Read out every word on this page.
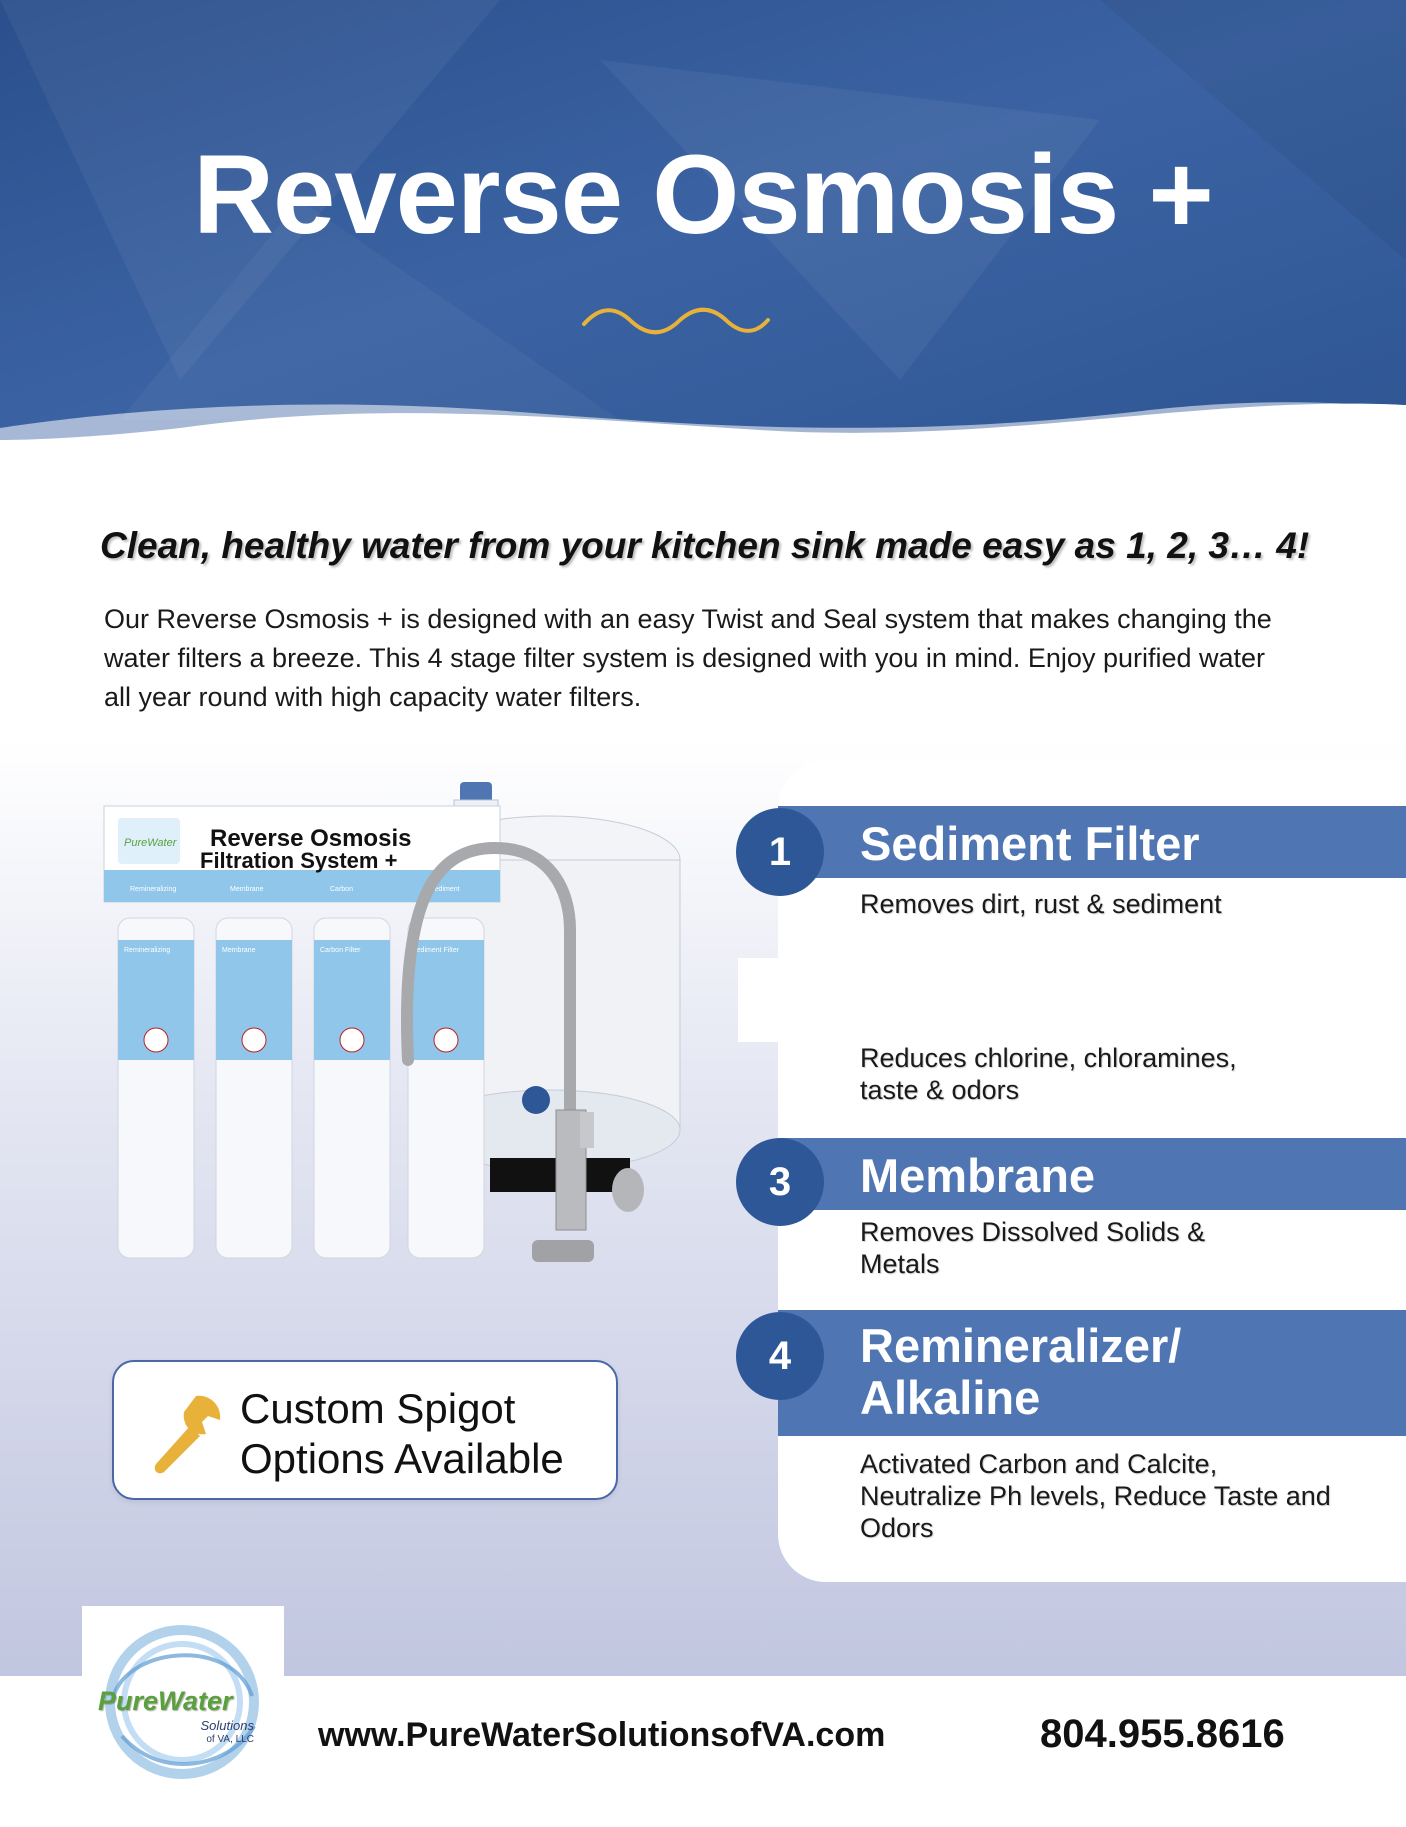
Reverse Osmosis +
Clean, healthy water from your kitchen sink made easy as 1, 2, 3… 4!
Our Reverse Osmosis + is designed with an easy Twist and Seal system that makes changing the water filters a breeze. This 4 stage filter system is designed with you in mind. Enjoy purified water all year round with high capacity water filters.
PureWater Reverse Osmosis
Filtration System +
Remineralizing	Membrane	Carbon	Sediment
Remineralizing	Membrane	Carbon Filter	Sediment Filter
Custom Spigot
Options Available
Sediment Filter
1
Removes dirt, rust & sediment
Reduces chlorine, chloramines,
taste & odors
Membrane
3
Removes Dissolved Solids &
Metals
Remineralizer/
Alkaline
4
Activated Carbon and Calcite,
Neutralize Ph levels, Reduce Taste and
Odors
PureWater
Solutions
of VA, LLC www.PureWaterSolutionsofVA.com	804.955.8616
